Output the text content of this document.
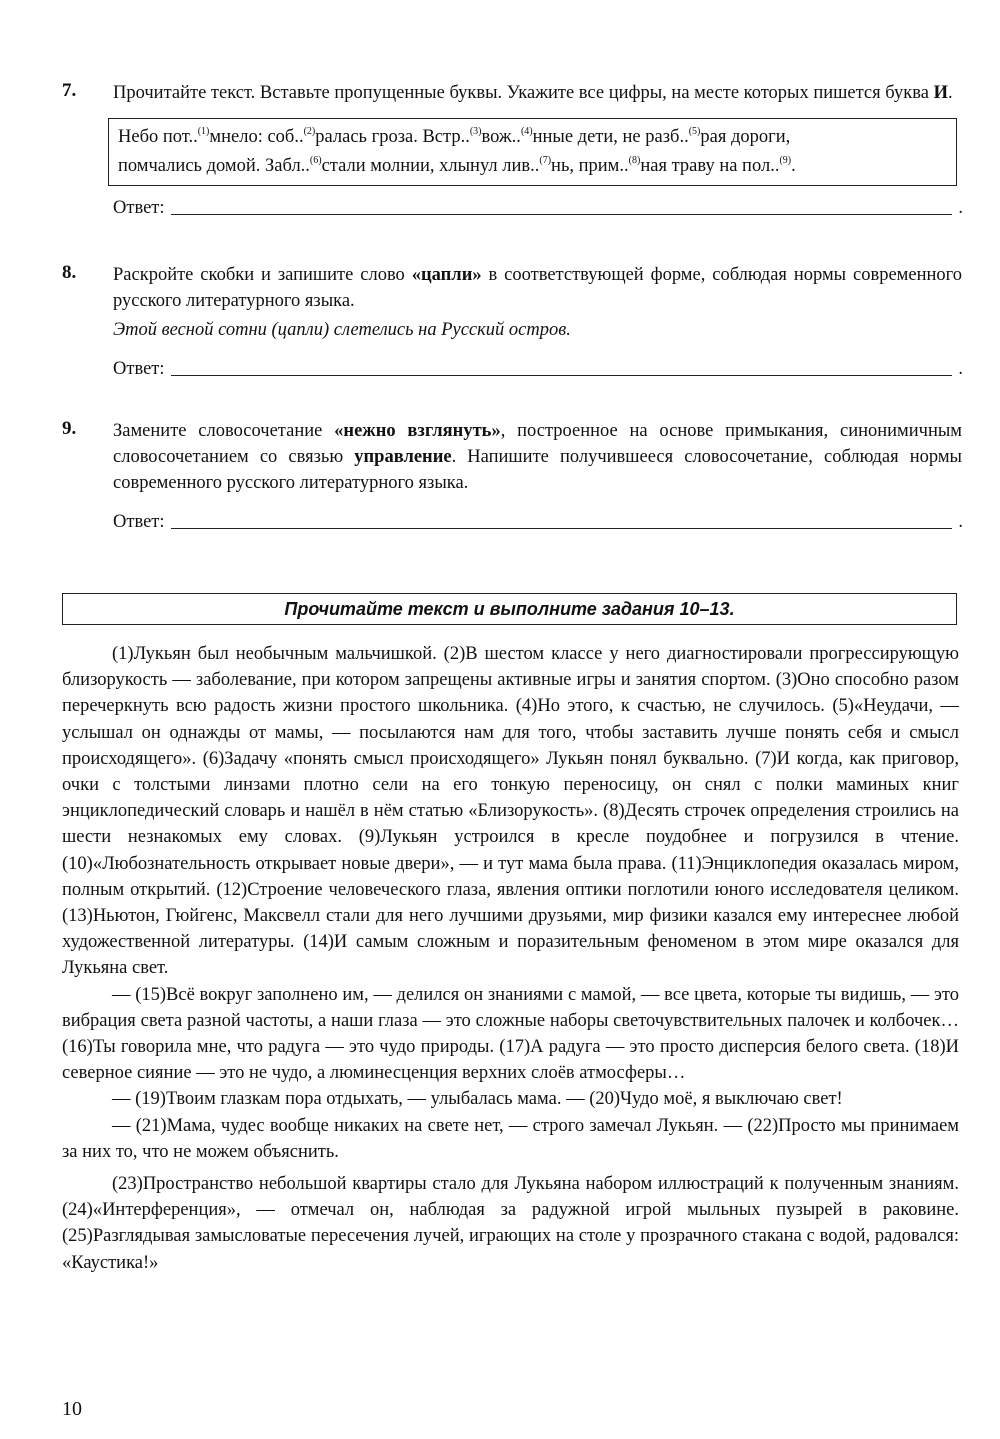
7. Прочитайте текст. Вставьте пропущенные буквы. Укажите все цифры, на месте которых пишется буква И.
Небо пот..$^{(1)}$мнело: соб..$^{(2)}$ралась гроза. Встр..$^{(3)}$вож..$^{(4)}$нные дети, не разб..$^{(5)}$рая дороги,
помчались домой. Забл..$^{(6)}$стали молнии, хлынул лив..$^{(7)}$нь, прим..$^{(8)}$ная траву на пол..$^{(9)}$.
Ответ:	.
8. Раскройте скобки и запишите слово «цапли» в соответствующей форме, соблюдая нормы современного русского литературного языка.
Этой весной сотни (цапли) слетелись на Русский остров.
Ответ:	.
9. Замените словосочетание «нежно взглянуть», построенное на основе примыкания, синонимичным словосочетанием со связью управление. Напишите получившееся словосочетание, соблюдая нормы современного русского литературного языка.
Ответ:	.
Прочитайте текст и выполните задания 10–13.

(1)Лукьян был необычным мальчишкой. (2)В шестом классе у него диагностировали прогрессирующую близорукость — заболевание, при котором запрещены активные игры и занятия спортом. (3)Оно способно разом перечеркнуть всю радость жизни простого школьника. (4)Но этого, к счастью, не случилось. (5)«Неудачи, — услышал он однажды от мамы, — посылаются нам для того, чтобы заставить лучше понять себя и смысл происходящего». (6)Задачу «понять смысл происходящего» Лукьян понял буквально. (7)И когда, как приговор, очки с толстыми линзами плотно сели на его тонкую переносицу, он снял с полки маминых книг энциклопедический словарь и нашёл в нём статью «Близорукость». (8)Десять строчек определения строились на шести незнакомых ему словах. (9)Лукьян устроился в кресле поудобнее и погрузился в чтение. (10)«Любознательность открывает новые двери», — и тут мама была права. (11)Энциклопедия оказалась миром, полным открытий. (12)Строение человеческого глаза, явления оптики поглотили юного исследователя целиком. (13)Ньютон, Гюйгенс, Максвелл стали для него лучшими друзьями, мир физики казался ему интереснее любой художественной литературы. (14)И самым сложным и поразительным феноменом в этом мире оказался для Лукьяна свет.

— (15)Всё вокруг заполнено им, — делился он знаниями с мамой, — все цвета, которые ты видишь, — это вибрация света разной частоты, а наши глаза — это сложные наборы светочувствительных палочек и колбочек… (16)Ты говорила мне, что радуга — это чудо природы. (17)А радуга — это просто дисперсия белого света. (18)И северное сияние — это не чудо, а люминесценция верхних слоёв атмосферы…

— (19)Твоим глазкам пора отдыхать, — улыбалась мама. — (20)Чудо моё, я выключаю свет!

— (21)Мама, чудес вообще никаких на свете нет, — строго замечал Лукьян. — (22)Просто мы принимаем за них то, что не можем объяснить.

(23)Пространство небольшой квартиры стало для Лукьяна набором иллюстраций к полученным знаниям. (24)«Интерференция», — отмечал он, наблюдая за радужной игрой мыльных пузырей в раковине. (25)Разглядывая замысловатые пересечения лучей, играющих на столе у прозрачного стакана с водой, радовался: «Каустика!»

10
